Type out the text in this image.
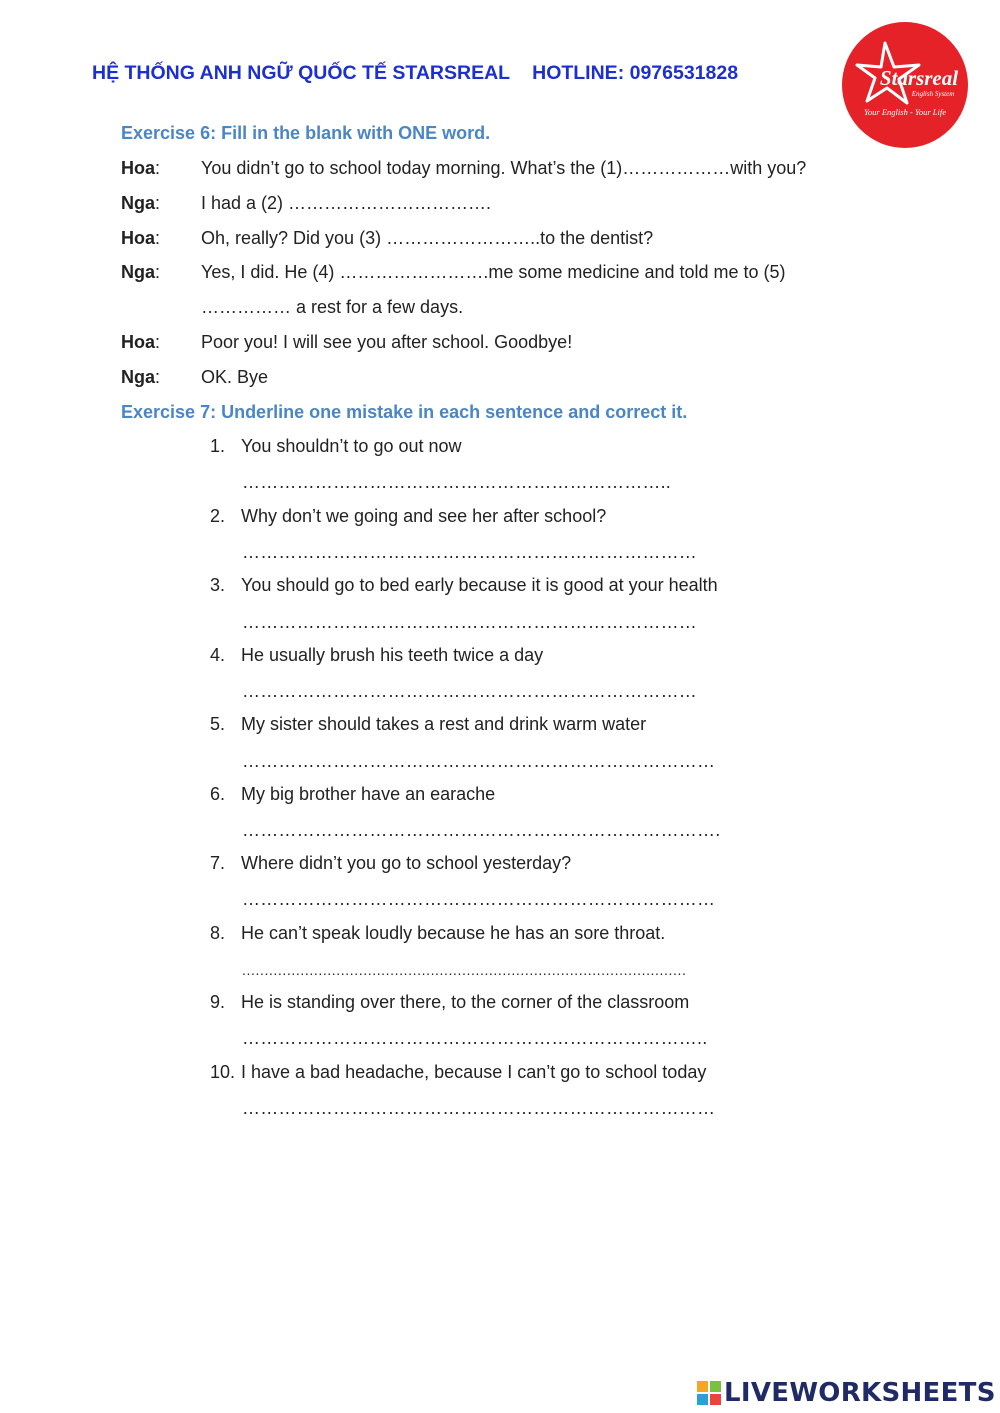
HỆ THỐNG ANH NGỮ QUỐC TẾ STARSREAL HOTLINE: 0976531828	Starsreal
English System
Your English - Your Life
Exercise 6: Fill in the blank with ONE word.
Hoa: You didn’t go to school today morning. What’s the (1)………………with you?
Nga: I had a (2) …………………………….
Hoa: Oh, really? Did you (3) ……………………..to the dentist?
Nga: Yes, I did. He (4) …………………….me some medicine and told me to (5)
…………… a rest for a few days.
Hoa: Poor you! I will see you after school. Goodbye!
Nga: OK. Bye
Exercise 7: Underline one mistake in each sentence and correct it.
1. You shouldn’t to go out now
……………………………………………………………..
2. Why don’t we going and see her after school?
…………………………………………………………………
3. You should go to bed early because it is good at your health
…………………………………………………………………
4. He usually brush his teeth twice a day
…………………………………………………………………
5. My sister should takes a rest and drink warm water
……………………………………………………………………
6. My big brother have an earache
…………………………………………………………………….
7. Where didn’t you go to school yesterday?
……………………………………………………………………
8. He can’t speak loudly because he has an sore throat.
...................................................................................................
9. He is standing over there, to the corner of the classroom
…………………………………………………………………..
10. I have a bad headache, because I can’t go to school today
……………………………………………………………………
LIVEWORKSHEETS
